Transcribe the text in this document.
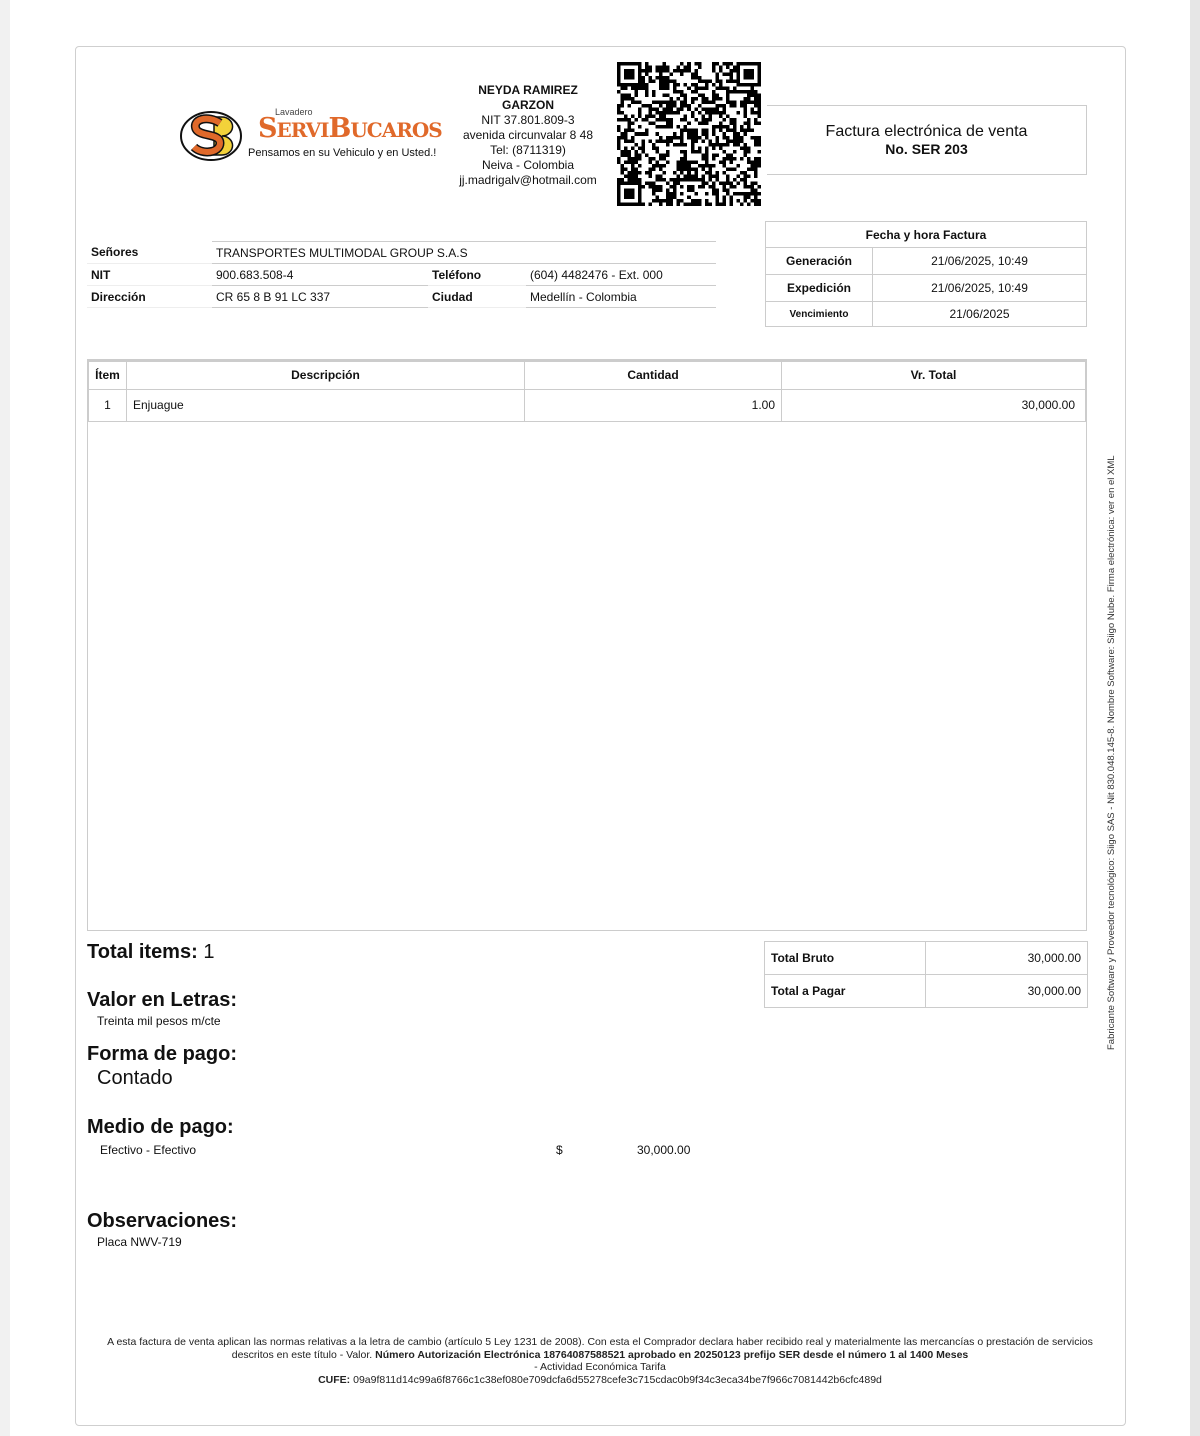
Lavadero
SERVIBUCAROS
Pensamos en su Vehiculo y en Usted.!
NEYDA RAMIREZ
GARZON
NIT 37.801.809-3
avenida circunvalar 8 48
Tel: (8711319)
Neiva - Colombia
jj.madrigalv@hotmail.com
Factura electrónica de venta
No. SER 203
Señores	TRANSPORTES MULTIMODAL GROUP S.A.S		
NIT	900.683.508-4	Teléfono	(604) 4482476 - Ext. 000
Dirección	CR 65 8 B 91 LC 337	Ciudad	Medellín - Colombia
Fecha y hora Factura	
Generación	21/06/2025, 10:49
Expedición	21/06/2025, 10:49
Vencimiento	21/06/2025
Ítem	Descripción	Cantidad	Vr. Total
1	Enjuague	1.00	30,000.00
Total items: 1
Valor en Letras:
Treinta mil pesos m/cte
Forma de pago:
Contado
Medio de pago:
Efectivo - Efectivo	$	30,000.00
Observaciones:
Placa NWV-719
Total Bruto	30,000.00
Total a Pagar	30,000.00
A esta factura de venta aplican las normas relativas a la letra de cambio (artículo 5 Ley 1231 de 2008). Con esta el Comprador declara haber recibido real y materialmente las mercancías o prestación de servicios descritos en este título - Valor. Número Autorización Electrónica 18764087588521 aprobado en 20250123 prefijo SER desde el número 1 al 1400 Meses
- Actividad Económica Tarifa
CUFE: 09a9f811d14c99a6f8766c1c38ef080e709dcfa6d55278cefe3c715cdac0b9f34c3eca34be7f966c7081442b6cfc489d
Fabricante Software y Proveedor tecnológico: Siigo SAS - Nit 830.048.145-8. Nombre Software: Siigo Nube. Firma electrónica: ver en el XML
